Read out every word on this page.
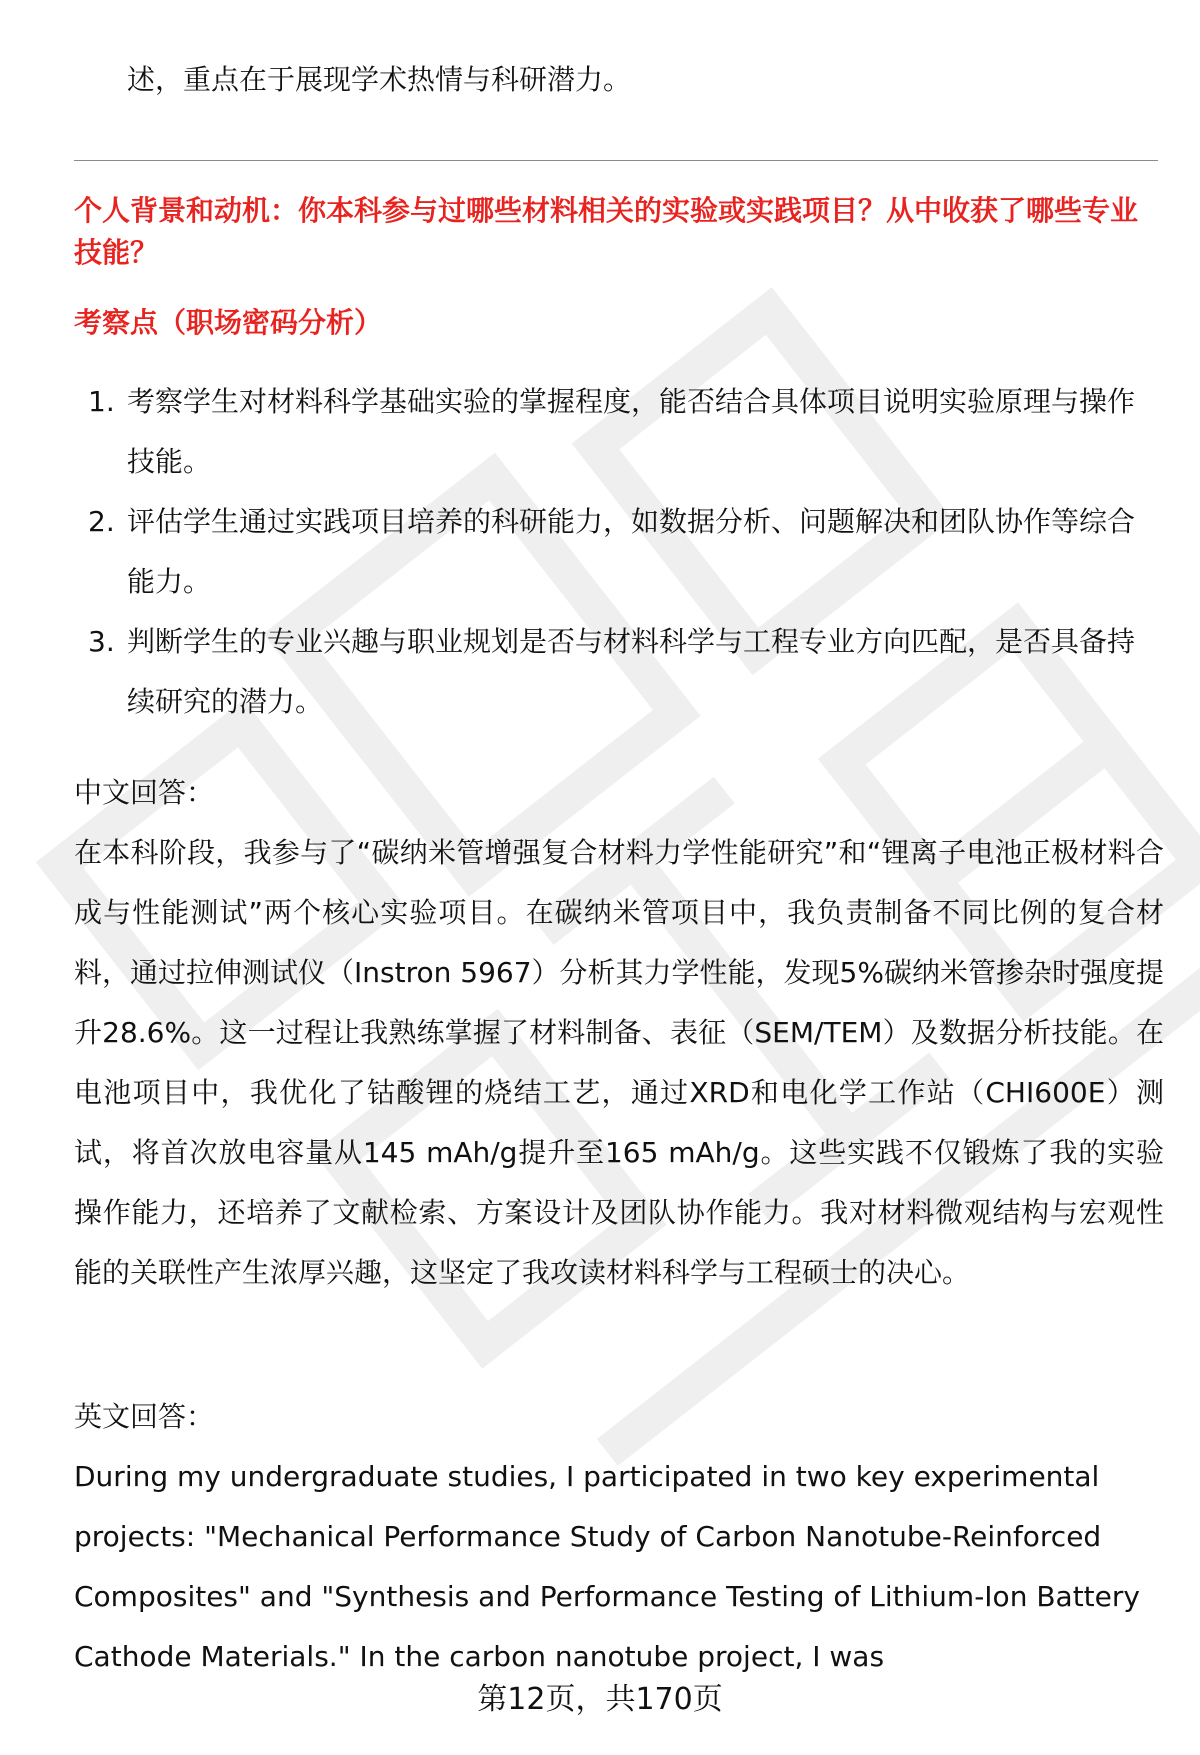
述，重点在于展现学术热情与科研潜力。

个人背景和动机：你本科参与过哪些材料相关的实验或实践项目？从中收获了哪些专业技能？

考察点（职场密码分析）

1. 考察学生对材料科学基础实验的掌握程度，能否结合具体项目说明实验原理与操作技能。
2. 评估学生通过实践项目培养的科研能力，如数据分析、问题解决和团队协作等综合能力。
3. 判断学生的专业兴趣与职业规划是否与材料科学与工程专业方向匹配，是否具备持续研究的潜力。

中文回答：

在本科阶段，我参与了“碳纳米管增强复合材料力学性能研究”和“锂离子电池正极材料合成与性能测试”两个核心实验项目。在碳纳米管项目中，我负责制备不同比例的复合材料，通过拉伸测试仪（Instron 5967）分析其力学性能，发现5%碳纳米管掺杂时强度提升28.6%。这一过程让我熟练掌握了材料制备、表征（SEM/TEM）及数据分析技能。在电池项目中，我优化了钴酸锂的烧结工艺，通过XRD和电化学工作站（CHI600E）测试，将首次放电容量从145 mAh/g提升至165 mAh/g。这些实践不仅锻炼了我的实验操作能力，还培养了文献检索、方案设计及团队协作能力。我对材料微观结构与宏观性能的关联性产生浓厚兴趣，这坚定了我攻读材料科学与工程硕士的决心。

英文回答：

During my undergraduate studies, I participated in two key experimental projects: "Mechanical Performance Study of Carbon Nanotube-Reinforced Composites" and "Synthesis and Performance Testing of Lithium-Ion Battery Cathode Materials." In the carbon nanotube project, I was

第12页，共170页
